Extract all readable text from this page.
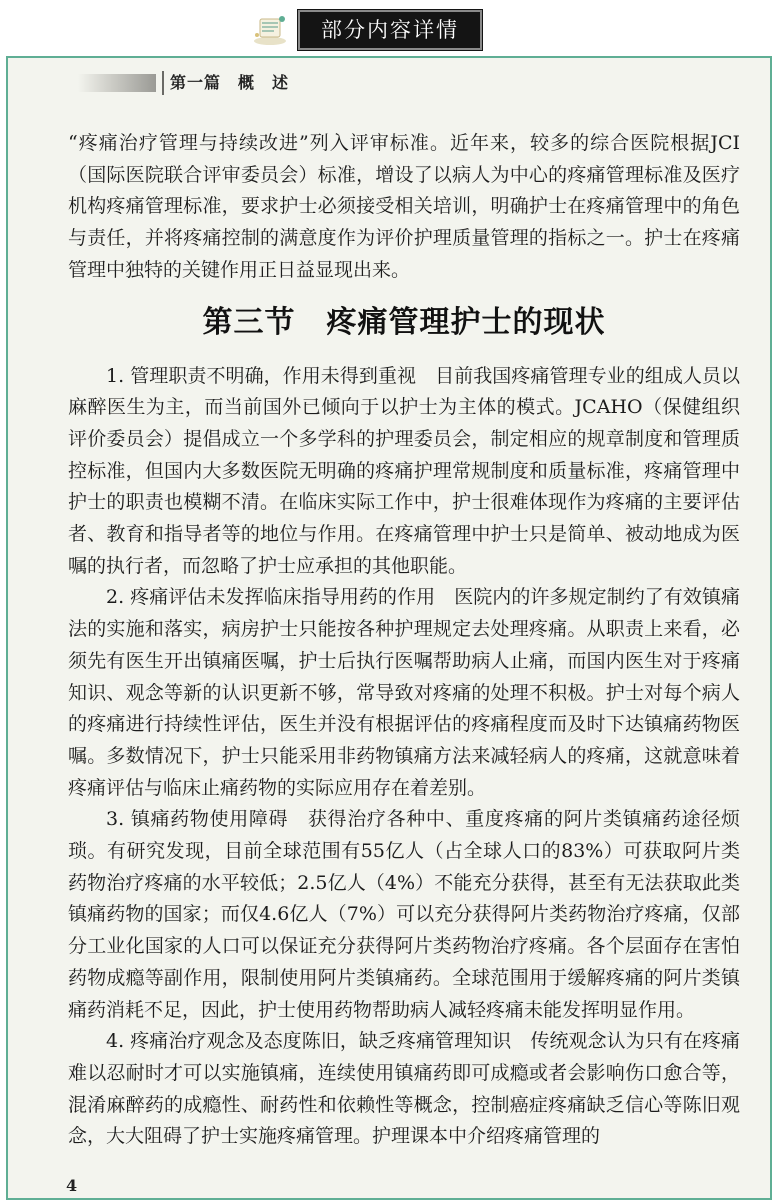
部分内容详情
第一篇　概　述

“疼痛治疗管理与持续改进”列入评审标准。近年来，较多的综合医院根据JCI（国际医院联合评审委员会）标准，增设了以病人为中心的疼痛管理标准及医疗机构疼痛管理标准，要求护士必须接受相关培训，明确护士在疼痛管理中的角色与责任，并将疼痛控制的满意度作为评价护理质量管理的指标之一。护士在疼痛管理中独特的关键作用正日益显现出来。

第三节　疼痛管理护士的现状

1. 管理职责不明确，作用未得到重视　目前我国疼痛管理专业的组成人员以麻醉医生为主，而当前国外已倾向于以护士为主体的模式。JCAHO（保健组织评价委员会）提倡成立一个多学科的护理委员会，制定相应的规章制度和管理质控标准，但国内大多数医院无明确的疼痛护理常规制度和质量标准，疼痛管理中护士的职责也模糊不清。在临床实际工作中，护士很难体现作为疼痛的主要评估者、教育和指导者等的地位与作用。在疼痛管理中护士只是简单、被动地成为医嘱的执行者，而忽略了护士应承担的其他职能。

2. 疼痛评估未发挥临床指导用药的作用　医院内的许多规定制约了有效镇痛法的实施和落实，病房护士只能按各种护理规定去处理疼痛。从职责上来看，必须先有医生开出镇痛医嘱，护士后执行医嘱帮助病人止痛，而国内医生对于疼痛知识、观念等新的认识更新不够，常导致对疼痛的处理不积极。护士对每个病人的疼痛进行持续性评估，医生并没有根据评估的疼痛程度而及时下达镇痛药物医嘱。多数情况下，护士只能采用非药物镇痛方法来减轻病人的疼痛，这就意味着疼痛评估与临床止痛药物的实际应用存在着差别。

3. 镇痛药物使用障碍　获得治疗各种中、重度疼痛的阿片类镇痛药途径烦琐。有研究发现，目前全球范围有55亿人（占全球人口的83%）可获取阿片类药物治疗疼痛的水平较低；2.5亿人（4%）不能充分获得，甚至有无法获取此类镇痛药物的国家；而仅4.6亿人（7%）可以充分获得阿片类药物治疗疼痛，仅部分工业化国家的人口可以保证充分获得阿片类药物治疗疼痛。各个层面存在害怕药物成瘾等副作用，限制使用阿片类镇痛药。全球范围用于缓解疼痛的阿片类镇痛药消耗不足，因此，护士使用药物帮助病人减轻疼痛未能发挥明显作用。

4. 疼痛治疗观念及态度陈旧，缺乏疼痛管理知识　传统观念认为只有在疼痛难以忍耐时才可以实施镇痛，连续使用镇痛药即可成瘾或者会影响伤口愈合等，混淆麻醉药的成瘾性、耐药性和依赖性等概念，控制癌症疼痛缺乏信心等陈旧观念，大大阻碍了护士实施疼痛管理。护理课本中介绍疼痛管理的

4
